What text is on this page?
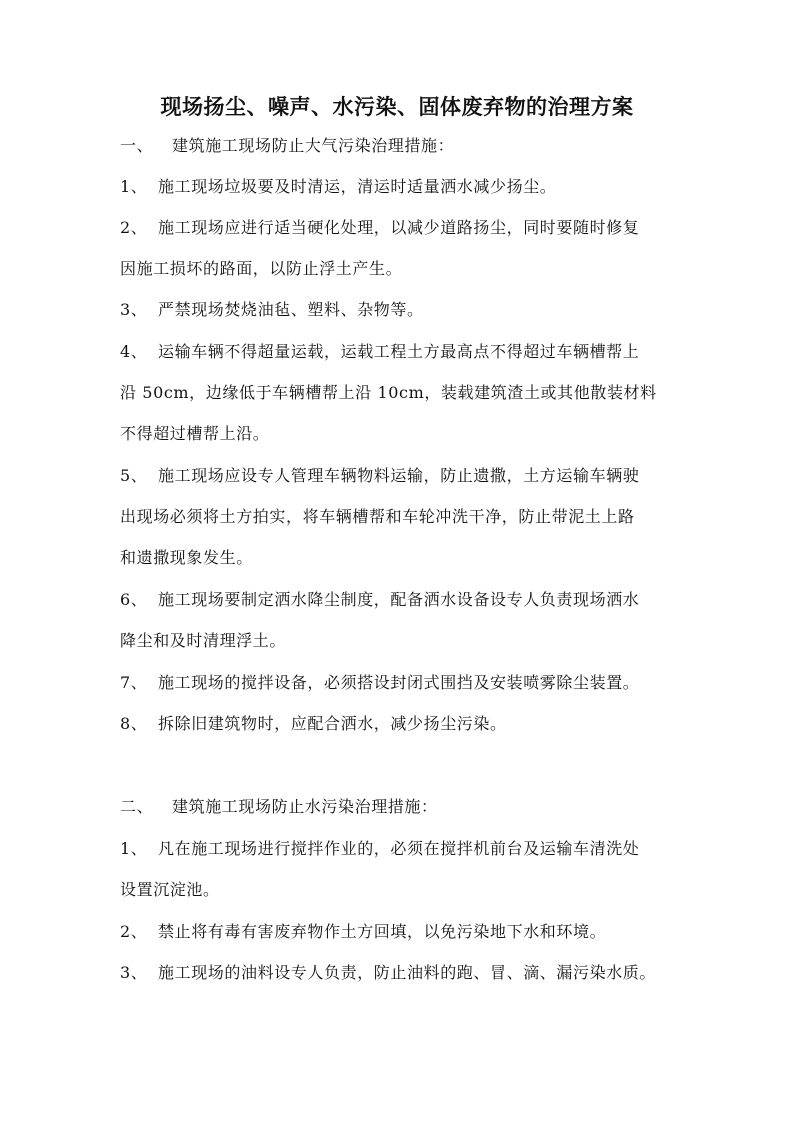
现场扬尘、噪声、水污染、固体废弃物的治理方案
一、 建筑施工现场防止大气污染治理措施：
1、 施工现场垃圾要及时清运，清运时适量洒水减少扬尘。
2、 施工现场应进行适当硬化处理，以减少道路扬尘，同时要随时修复
因施工损坏的路面，以防止浮土产生。
3、 严禁现场焚烧油毡、塑料、杂物等。
4、 运输车辆不得超量运载，运载工程土方最高点不得超过车辆槽帮上
沿 50cm，边缘低于车辆槽帮上沿 10cm，装载建筑渣土或其他散装材料
不得超过槽帮上沿。
5、 施工现场应设专人管理车辆物料运输，防止遗撒，土方运输车辆驶
出现场必须将土方拍实，将车辆槽帮和车轮冲洗干净，防止带泥土上路
和遗撒现象发生。
6、 施工现场要制定洒水降尘制度，配备洒水设备设专人负责现场洒水
降尘和及时清理浮土。
7、 施工现场的搅拌设备，必须搭设封闭式围挡及安装喷雾除尘装置。
8、 拆除旧建筑物时，应配合洒水，减少扬尘污染。
二、 建筑施工现场防止水污染治理措施：
1、 凡在施工现场进行搅拌作业的，必须在搅拌机前台及运输车清洗处
设置沉淀池。
2、 禁止将有毒有害废弃物作土方回填，以免污染地下水和环境。
3、 施工现场的油料设专人负责，防止油料的跑、冒、滴、漏污染水质。
